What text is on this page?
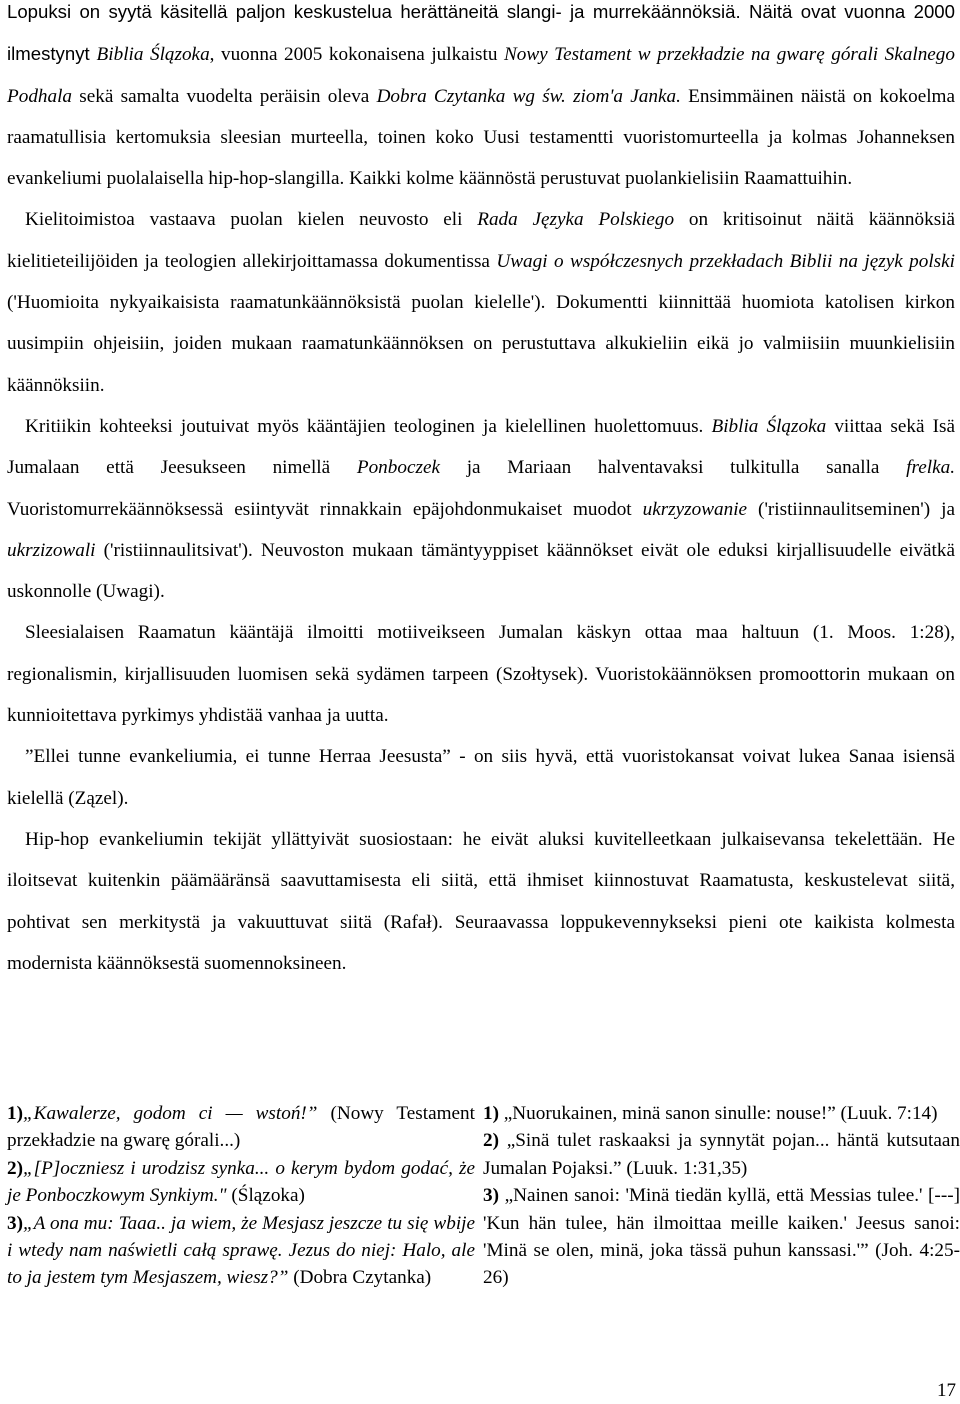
Lopuksi on syytä käsitellä paljon keskustelua herättäneitä slangi- ja murrekäännöksiä. Näitä ovat vuonna 2000 ilmestynyt Biblia Ślązoka, vuonna 2005 kokonaisena julkaistu Nowy Testament w przekładzie na gwarę górali Skalnego Podhala sekä samalta vuodelta peräisin oleva Dobra Czytanka wg św. ziom'a Janka. Ensimmäinen näistä on kokoelma raamatullisia kertomuksia sleesian murteella, toinen koko Uusi testamentti vuoristomurteella ja kolmas Johanneksen evankeliumi puolalaisella hip-hop-slangilla. Kaikki kolme käännöstä perustuvat puolankielisiin Raamattuihin.

Kielitoimistoa vastaava puolan kielen neuvosto eli Rada Języka Polskiego on kritisoinut näitä käännöksiä kielitieteilijöiden ja teologien allekirjoittamassa dokumentissa Uwagi o współczesnych przekładach Biblii na język polski ('Huomioita nykyaikaisista raamatunkäännöksistä puolan kielelle'). Dokumentti kiinnittää huomiota katolisen kirkon uusimpiin ohjeisiin, joiden mukaan raamatunkäännöksen on perustuttava alkukieliin eikä jo valmiisiin muunkielisiin käännöksiin.

Kritiikin kohteeksi joutuivat myös kääntäjien teologinen ja kielellinen huolettomuus. Biblia Ślązoka viittaa sekä Isä Jumalaan että Jeesukseen nimellä Ponboczek ja Mariaan halventavaksi tulkitulla sanalla frelka. Vuoristomurrekäännöksessä esiintyvät rinnakkain epäjohdonmukaiset muodot ukrzyzowanie ('ristiinnaulitseminen') ja ukrzizowali ('ristiinnaulitsivat'). Neuvoston mukaan tämäntyyppiset käännökset eivät ole eduksi kirjallisuudelle eivätkä uskonnolle (Uwagi).

Sleesialaisen Raamatun kääntäjä ilmoitti motiiveikseen Jumalan käskyn ottaa maa haltuun (1. Moos. 1:28), regionalismin, kirjallisuuden luomisen sekä sydämen tarpeen (Szołtysek). Vuoristokäännöksen promoottorin mukaan on kunnioitettava pyrkimys yhdistää vanhaa ja uutta.

”Ellei tunne evankeliumia, ei tunne Herraa Jeesusta” - on siis hyvä, että vuoristokansat voivat lukea Sanaa isiensä kielellä (Zązel).

Hip-hop evankeliumin tekijät yllättyivät suosiostaan: he eivät aluksi kuvitelleetkaan julkaisevansa tekelettään. He iloitsevat kuitenkin päämääränsä saavuttamisesta eli siitä, että ihmiset kiinnostuvat Raamatusta, keskustelevat siitä, pohtivat sen merkitystä ja vakuuttuvat siitä (Rafał). Seuraavassa loppukevennykseksi pieni ote kaikista kolmesta modernista käännöksestä suomennoksineen.

1)„Kawalerze, godom ci — wstoń!” (Nowy Testament przekładzie na gwarę górali...)

2)„[P]oczniesz i urodzisz synka... o kerym bydom godać, że je Ponboczkowym Synkiym." (Ślązoka)

3)„A ona mu: Taaa.. ja wiem, że Mesjasz jeszcze tu się wbije i wtedy nam naświetli całą sprawę. Jezus do niej: Halo, ale to ja jestem tym Mesjaszem, wiesz?” (Dobra Czytanka)

1) „Nuorukainen, minä sanon sinulle: nouse!” (Luuk. 7:14)

2) „Sinä tulet raskaaksi ja synnytät pojan... häntä kutsutaan Jumalan Pojaksi.” (Luuk. 1:31,35)

3) „Nainen sanoi: 'Minä tiedän kyllä, että Messias tulee.' [---] 'Kun hän tulee, hän ilmoittaa meille kaiken.' Jeesus sanoi: 'Minä se olen, minä, joka tässä puhun kanssasi.'” (Joh. 4:25-26)

17
